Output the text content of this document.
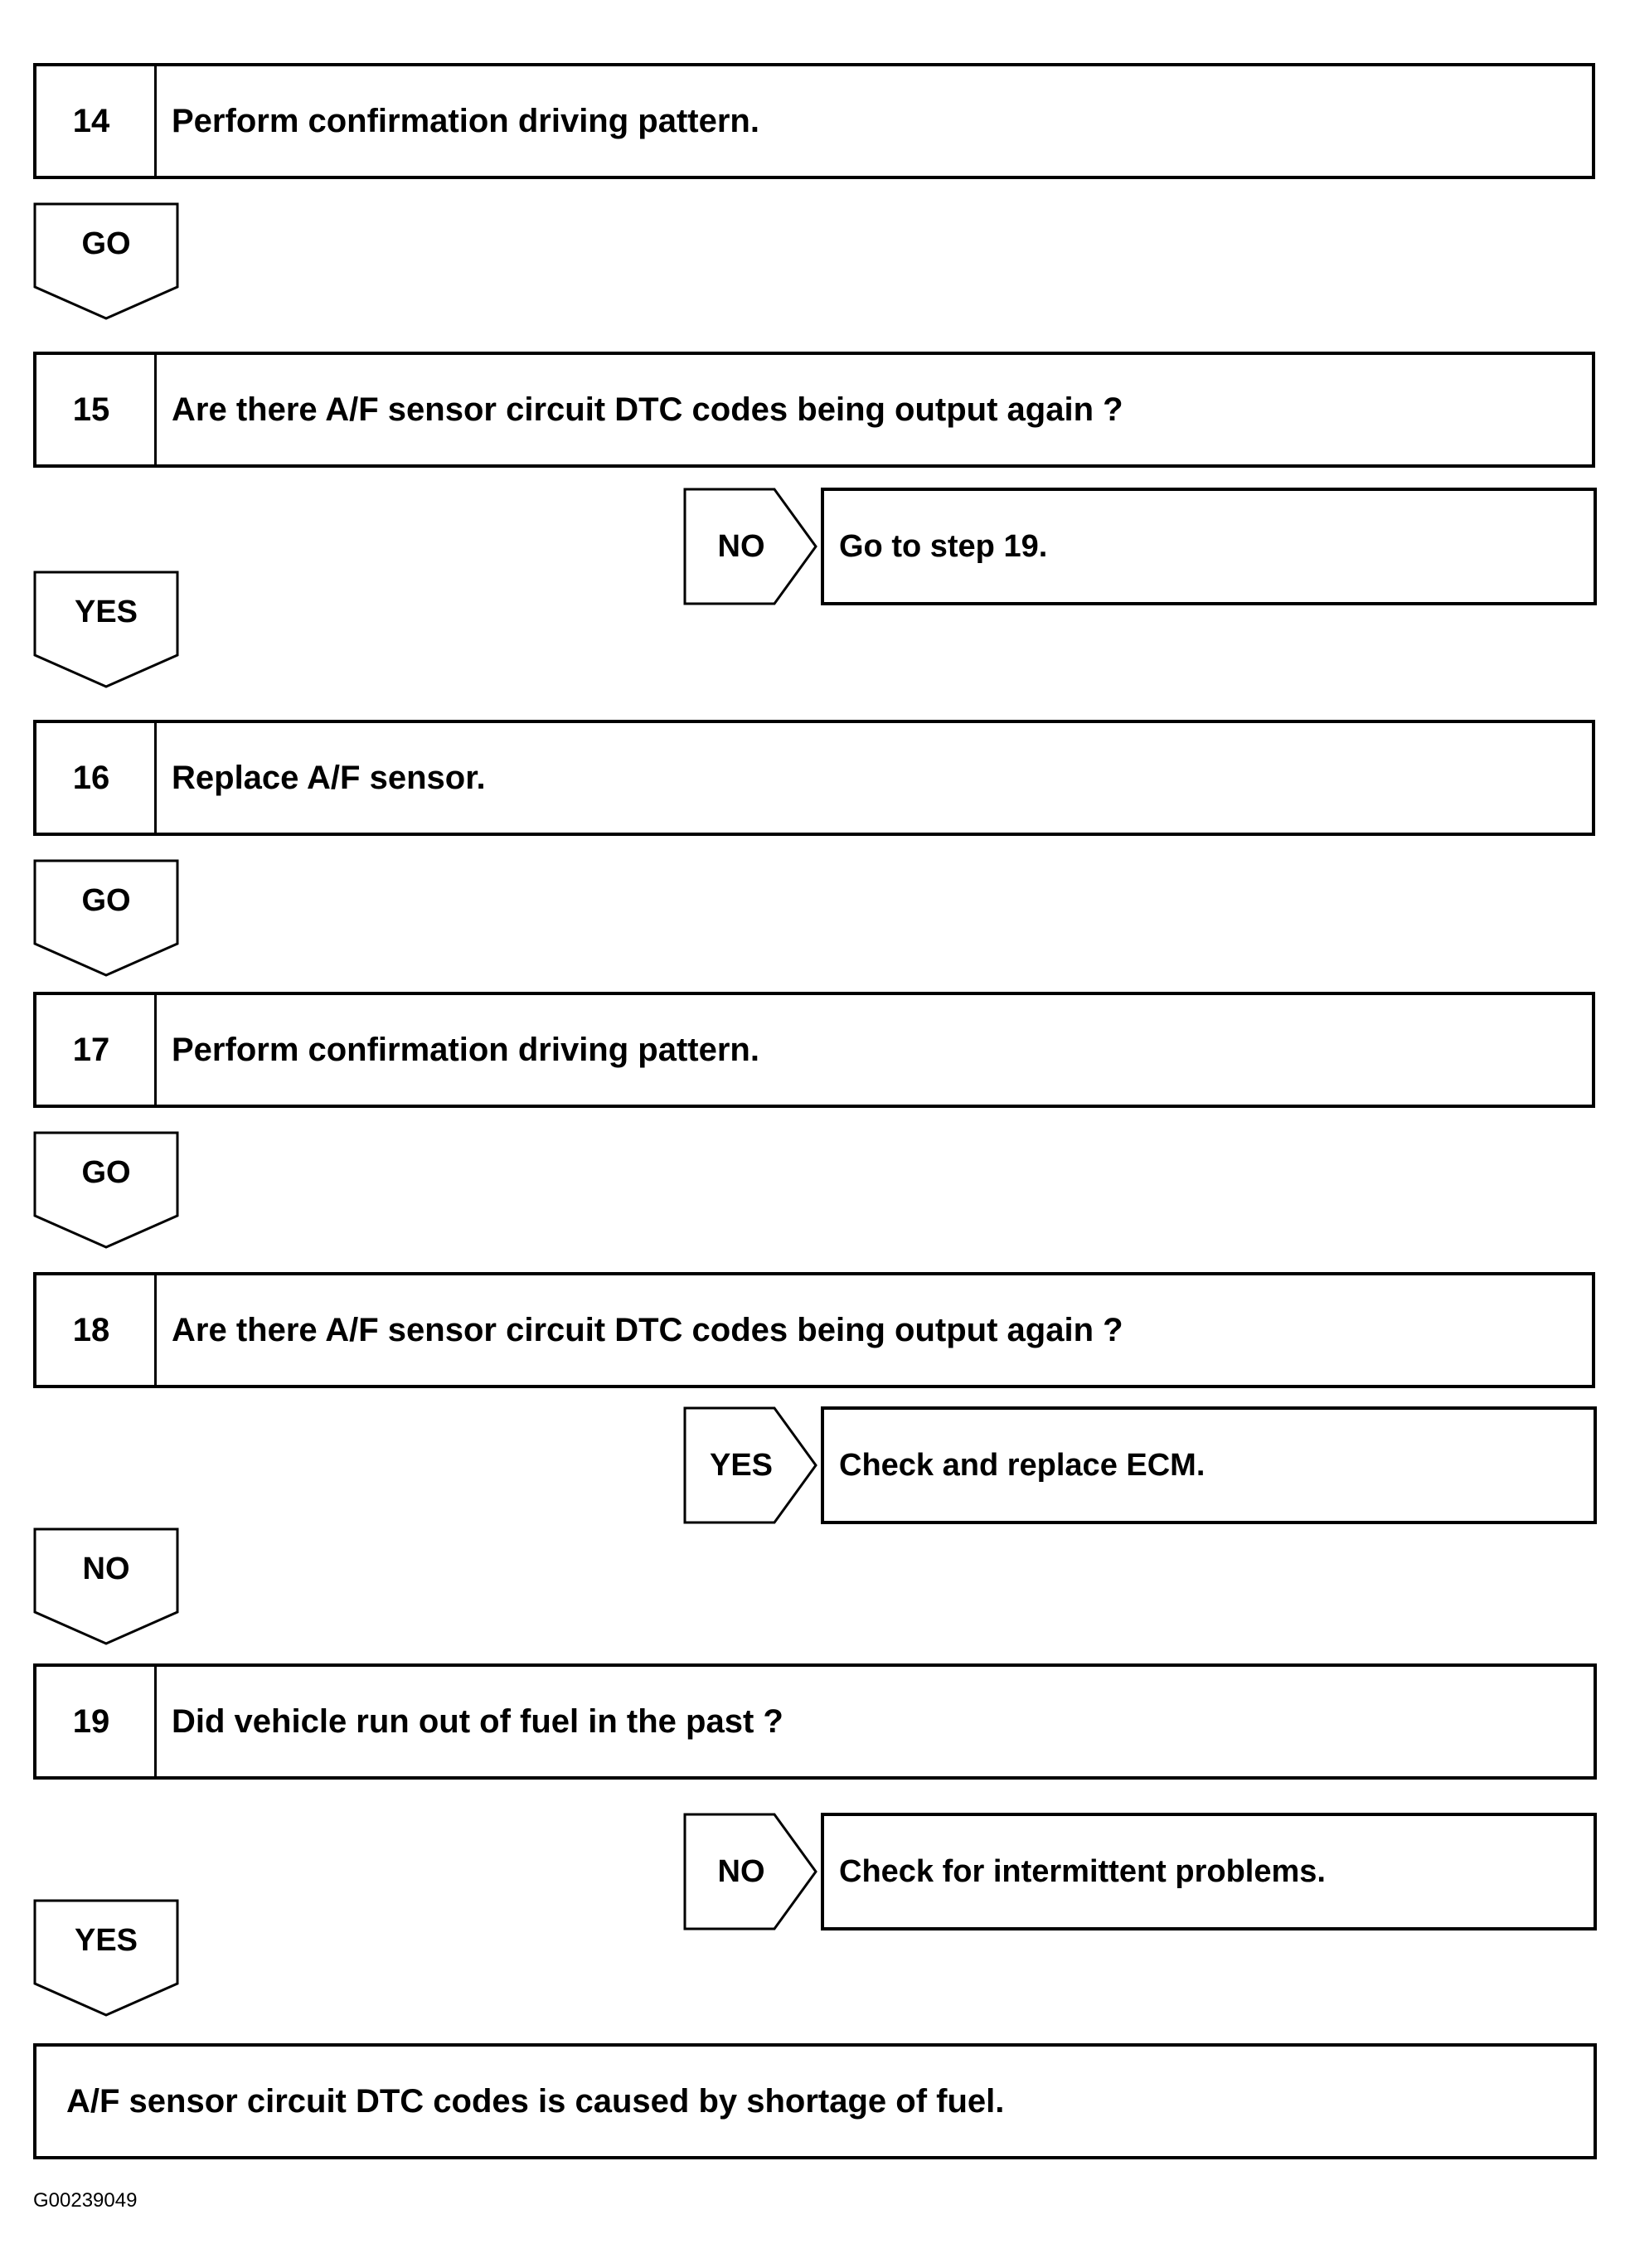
14	Perform confirmation driving pattern.
GO
15	Are there A/F sensor circuit DTC codes being output again ?
NO	Go to step 19.
YES
16	Replace A/F sensor.
GO
17	Perform confirmation driving pattern.
GO
18	Are there A/F sensor circuit DTC codes being output again ?
YES	Check and replace ECM.
NO
19	Did vehicle run out of fuel in the past ?
NO	Check for intermittent problems.
YES
A/F sensor circuit DTC codes is caused by shortage of fuel.
G00239049
